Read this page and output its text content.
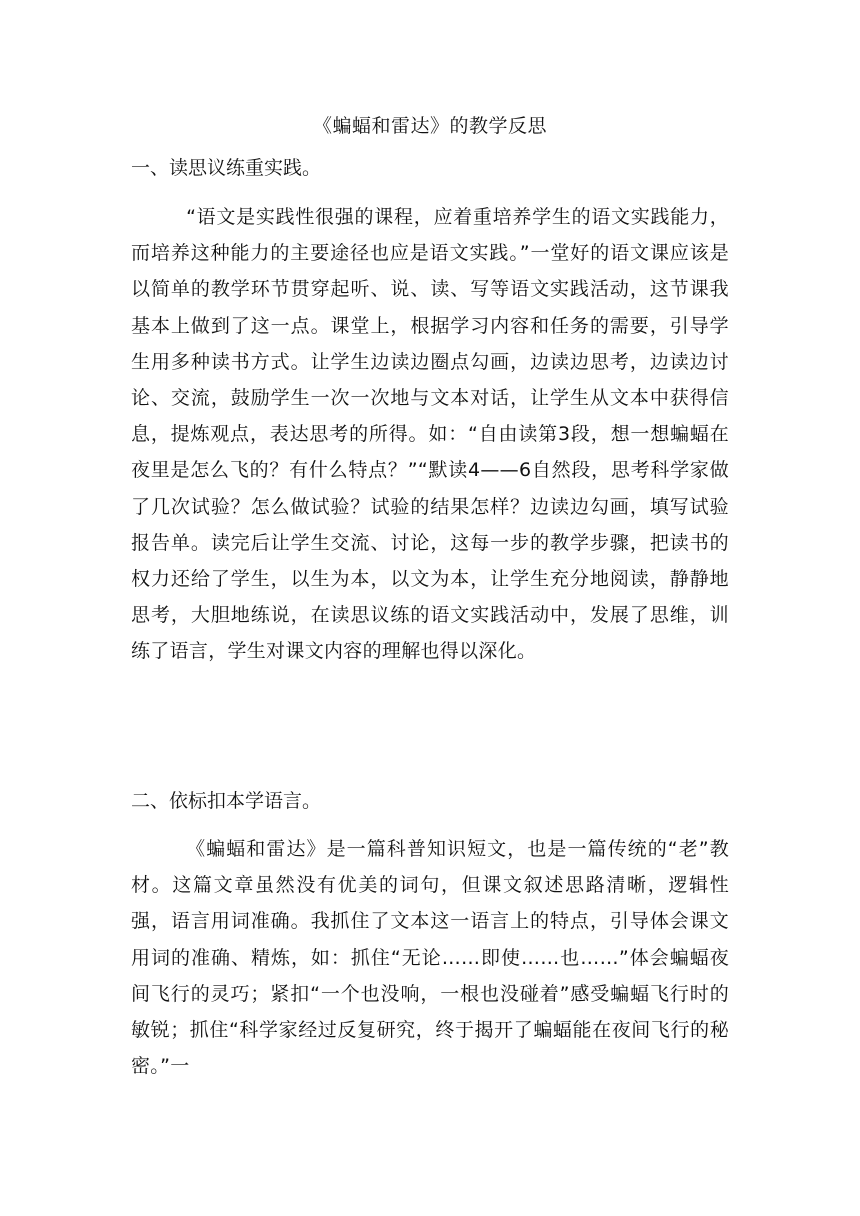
《蝙蝠和雷达》的教学反思
一、读思议练重实践。
“语文是实践性很强的课程，应着重培养学生的语文实践能力，而培养这种能力的主要途径也应是语文实践。”一堂好的语文课应该是以简单的教学环节贯穿起听、说、读、写等语文实践活动，这节课我基本上做到了这一点。课堂上，根据学习内容和任务的需要，引导学生用多种读书方式。让学生边读边圈点勾画，边读边思考，边读边讨论、交流，鼓励学生一次一次地与文本对话，让学生从文本中获得信息，提炼观点，表达思考的所得。如：“自由读第3段，想一想蝙蝠在夜里是怎么飞的？有什么特点？”“默读4——6自然段，思考科学家做了几次试验？怎么做试验？试验的结果怎样？边读边勾画，填写试验报告单。读完后让学生交流、讨论，这每一步的教学步骤，把读书的权力还给了学生，以生为本，以文为本，让学生充分地阅读，静静地思考，大胆地练说，在读思议练的语文实践活动中，发展了思维，训练了语言，学生对课文内容的理解也得以深化。
二、依标扣本学语言。
《蝙蝠和雷达》是一篇科普知识短文，也是一篇传统的“老”教材。这篇文章虽然没有优美的词句，但课文叙述思路清晰，逻辑性强，语言用词准确。我抓住了文本这一语言上的特点，引导体会课文用词的准确、精炼，如：抓住“无论……即使……也……”体会蝙蝠夜间飞行的灵巧；紧扣“一个也没响，一根也没碰着”感受蝙蝠飞行时的敏锐；抓住“科学家经过反复研究，终于揭开了蝙蝠能在夜间飞行的秘密。”一
